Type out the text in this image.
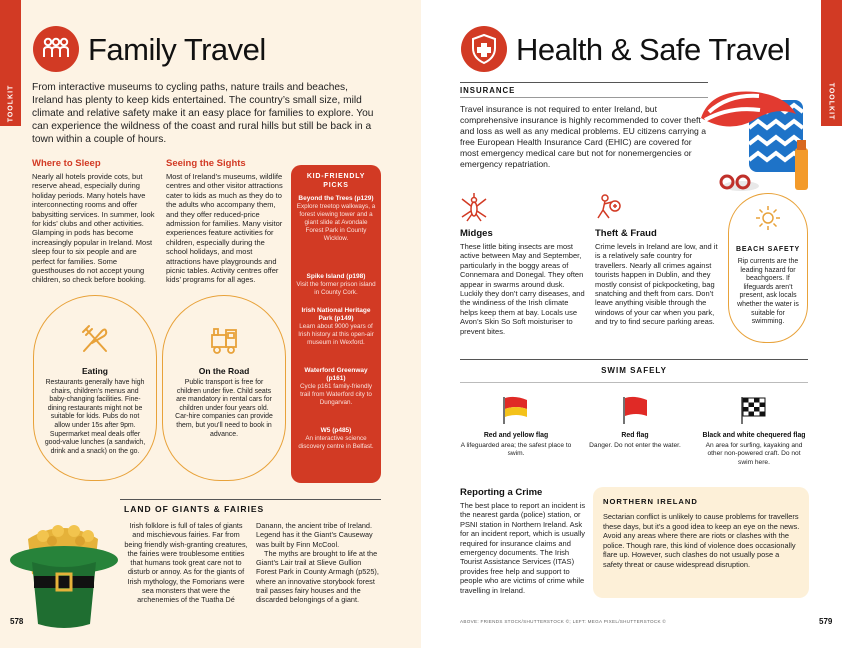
TOOLKIT
Family Travel
From interactive museums to cycling paths, nature trails and beaches, Ireland has plenty to keep kids entertained. The country’s small size, mild climate and relative safety make it an easy place for families to explore. You can experience the wildness of the coast and rural hills but still be back in a town within a couple of hours.
Where to Sleep
Nearly all hotels provide cots, but reserve ahead, especially during holiday periods. Many hotels have interconnecting rooms and offer babysitting services. In summer, look for kids’ clubs and other activities. Glamping in pods has become increasingly popular in Ireland. Most sleep four to six people and are perfect for families. Some guesthouses do not accept young children, so check before booking.
Seeing the Sights
Most of Ireland’s museums, wildlife centres and other visitor attractions cater to kids as much as they do to the adults who accompany them, and they offer reduced-price admission for families. Many visitor experiences feature activities for children, especially during the school holidays, and most attractions have playgrounds and picnic tables. Activity centres offer kids’ programs for all ages.
KID-FRIENDLY
PICKS
Beyond the Trees (p129)
Explore treetop walkways, a forest viewing tower and a giant slide at Avondale Forest Park in County Wicklow.
Spike Island (p198)
Visit the former prison island in County Cork.
Irish National Heritage Park (p149)
Learn about 9000 years of Irish history at this open-air museum in Wexford.
Waterford Greenway (p161)
Cycle p161 family-friendly trail from Waterford city to Dungarvan.
W5 (p485)
An interactive science discovery centre in Belfast.
Eating
Restaurants generally have high chairs, children’s menus and baby-changing facilities. Fine-dining restaurants might not be suitable for kids. Pubs do not allow under 15s after 9pm. Supermarket meal deals offer good-value lunches (a sandwich, drink and a snack) on the go.
On the Road
Public transport is free for children under five. Child seats are mandatory in rental cars for children under four years old. Car-hire companies can provide them, but you’ll need to book in advance.
LAND OF GIANTS & FAIRIES
Irish folklore is full of tales of giants and mischievous fairies. Far from being friendly wish-granting creatures, the fairies were troublesome entities that humans took great care not to disturb or annoy. As for the giants of Irish mythology, the Fomorians were sea monsters that were the archenemies of the Tuatha Dé
Danann, the ancient tribe of Ireland. Legend has it the Giant’s Causeway was built by Finn McCool.
The myths are brought to life at the Giant’s Lair trail at Slieve Gullion Forest Park in County Armagh (p525), where an innovative storybook forest trail passes fairy houses and the discarded belongings of a giant.
578
TOOLKIT
Health & Safe Travel
INSURANCE
Travel insurance is not required to enter Ireland, but comprehensive insurance is highly recommended to cover theft and loss as well as any medical problems. EU citizens carrying a free European Health Insurance Card (EHIC) are covered for most emergency medical care but not for nonemergencies or emergency repatriation.
Midges
These little biting insects are most active between May and September, particularly in the boggy areas of Connemara and Donegal. They often appear in swarms around dusk. Luckily they don’t carry diseases, and the windiness of the Irish climate helps keep them at bay. Locals use Avon’s Skin So Soft moisturiser to prevent bites.
Theft & Fraud
Crime levels in Ireland are low, and it is a relatively safe country for travellers. Nearly all crimes against tourists happen in Dublin, and they mostly consist of pickpocketing, bag snatching and theft from cars. Don’t leave anything visible through the windows of your car when you park, and try to find secure parking areas.
BEACH SAFETY
Rip currents are the leading hazard for beachgoers. If lifeguards aren’t present, ask locals whether the water is suitable for swimming.
SWIM SAFELY
Red and yellow flag
A lifeguarded area; the safest place to swim.
Red flag
Danger. Do not enter the water.
Black and white chequered flag
An area for surfing, kayaking and other non-powered craft. Do not swim here.
Reporting a Crime
The best place to report an incident is the nearest garda (police) station, or PSNI station in Northern Ireland. Ask for an incident report, which is usually required for insurance claims and emergency documents. The Irish Tourist Assistance Services (ITAS) provides free help and support to people who are victims of crime while travelling in Ireland.
ABOVE: FRIENDS STOCK/SHUTTERSTOCK ©; LEFT: MEGA PIXEL/SHUTTERSTOCK ©	579
NORTHERN IRELAND
Sectarian conflict is unlikely to cause problems for travellers these days, but it’s a good idea to keep an eye on the news. Avoid any areas where there are riots or clashes with the police. Though rare, this kind of violence does occasionally flare up. However, such clashes do not usually pose a safety threat or cause widespread disruption.
